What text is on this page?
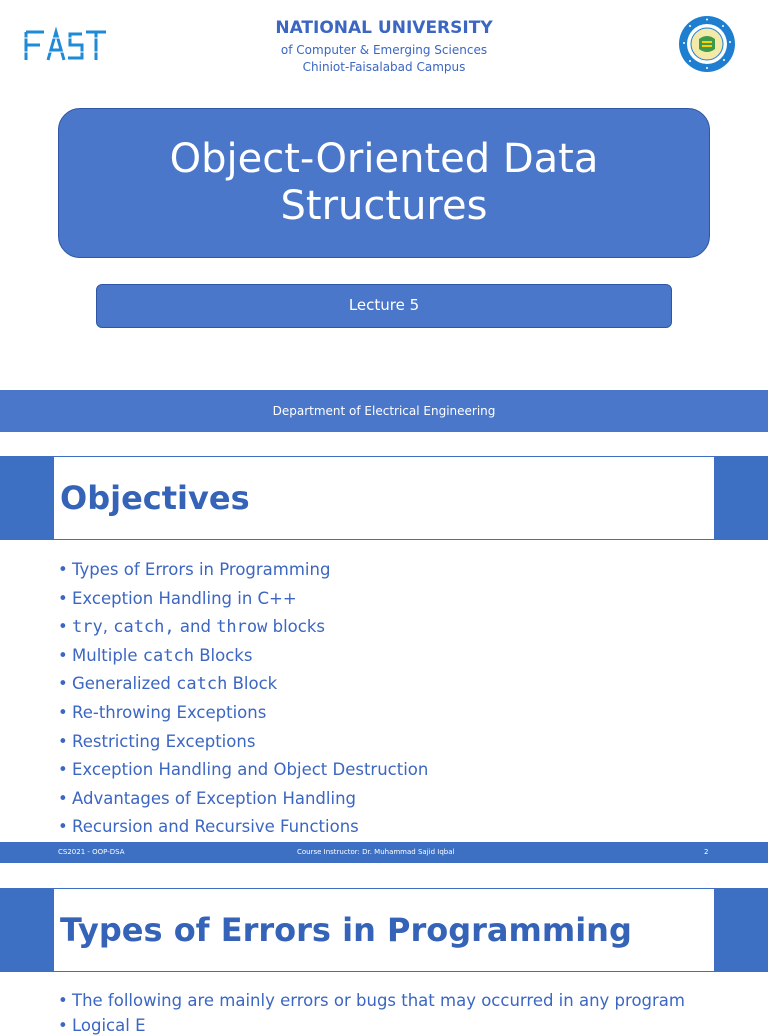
NATIONAL UNIVERSITY
of Computer & Emerging Sciences
Chiniot-Faisalabad Campus
Object-Oriented Data Structures
Lecture 5
Department of Electrical Engineering
Objectives
• Types of Errors in Programming
• Exception Handling in C++
• try, catch, and throw blocks
• Multiple catch Blocks
• Generalized catch Block
• Re-throwing Exceptions
• Restricting Exceptions
• Exception Handling and Object Destruction
• Advantages of Exception Handling
• Recursion and Recursive Functions
CS2021 - OOP-DSA	Course Instructor: Dr. Muhammad Sajid Iqbal	2
Types of Errors in Programming
• The following are mainly errors or bugs that may occurred in any program
• Logical E
